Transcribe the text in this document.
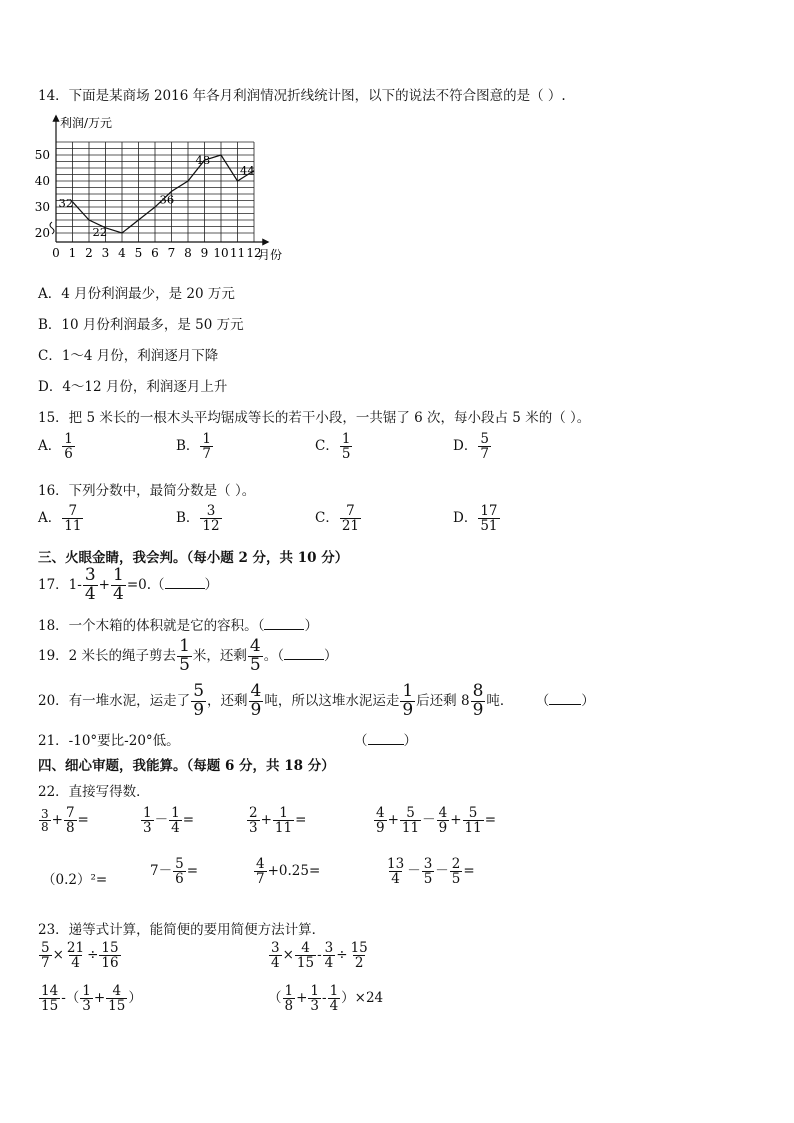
14．下面是某商场 2016 年各月利润情况折线统计图，以下的说法不符合图意的是（ ）.
利润/万元
月份
20
30
40
50
0 1 2 3 4 5 6 7 8 9 10 11 12
32
22
36
48
44
A．4 月份利润最少，是 20 万元
B．10 月份利润最多，是 50 万元
C．1～4 月份，利润逐月下降
D．4～12 月份，利润逐月上升
15．把 5 米长的一根木头平均锯成等长的若干小段，一共锯了 6 次，每小段占 5 米的（ ）。
A． $\frac{1}{6}$	B． $\frac{1}{7}$	C． $\frac{1}{5}$	D． $\frac{5}{7}$
16．下列分数中，最简分数是（ ）。
A． $\frac{7}{11}$	B． $\frac{3}{12}$	C． $\frac{7}{21}$	D． $\frac{17}{51}$
三、火眼金睛，我会判。（每小题 2 分，共 10 分）
17．$1- \frac{3}{4} + \frac{1}{4} =0$.（	）
18．一个木箱的体积就是它的容积。（	）
19．2 米长的绳子剪去 $\frac{1}{5}$ 米，还剩 $\frac{4}{5}$ 。（	）
20．有一堆水泥，运走了 $\frac{5}{9}$ ，还剩 $\frac{4}{9}$ 吨，所以这堆水泥运走 $\frac{1}{9}$ 后还剩 $8 \frac{8}{9}$ 吨． （ ）
21．-10°要比-20°低。	（	）
四、细心审题，我能算。（每题 6 分，共 18 分）
22．直接写得数．
$\frac{3}{8} + \frac{7}{8}$ =	$\frac{1}{3} - \frac{1}{4}$ =	$\frac{2}{3} + \frac{1}{11}$ =	$\frac{4}{9} + \frac{5}{11} - \frac{4}{9} + \frac{5}{11}$ =
（0.2）²=
$7- \frac{5}{6}$ =	$\frac{4}{7} +0.25=$	$\frac{13}{4} - \frac{3}{5} - \frac{2}{5}$ =
23．递等式计算，能简便的要用简便方法计算．
$\frac{5}{7} \times \frac{21}{4} \div \frac{15}{16}$	$\frac{3}{4} \times \frac{4}{15} - \frac{3}{4} \div \frac{15}{2}$
$\frac{14}{15}$ -（ $\frac{1}{3} + \frac{4}{15}$ ）	（ $\frac{1}{8} + \frac{1}{3} - \frac{1}{4} )\times 24$
